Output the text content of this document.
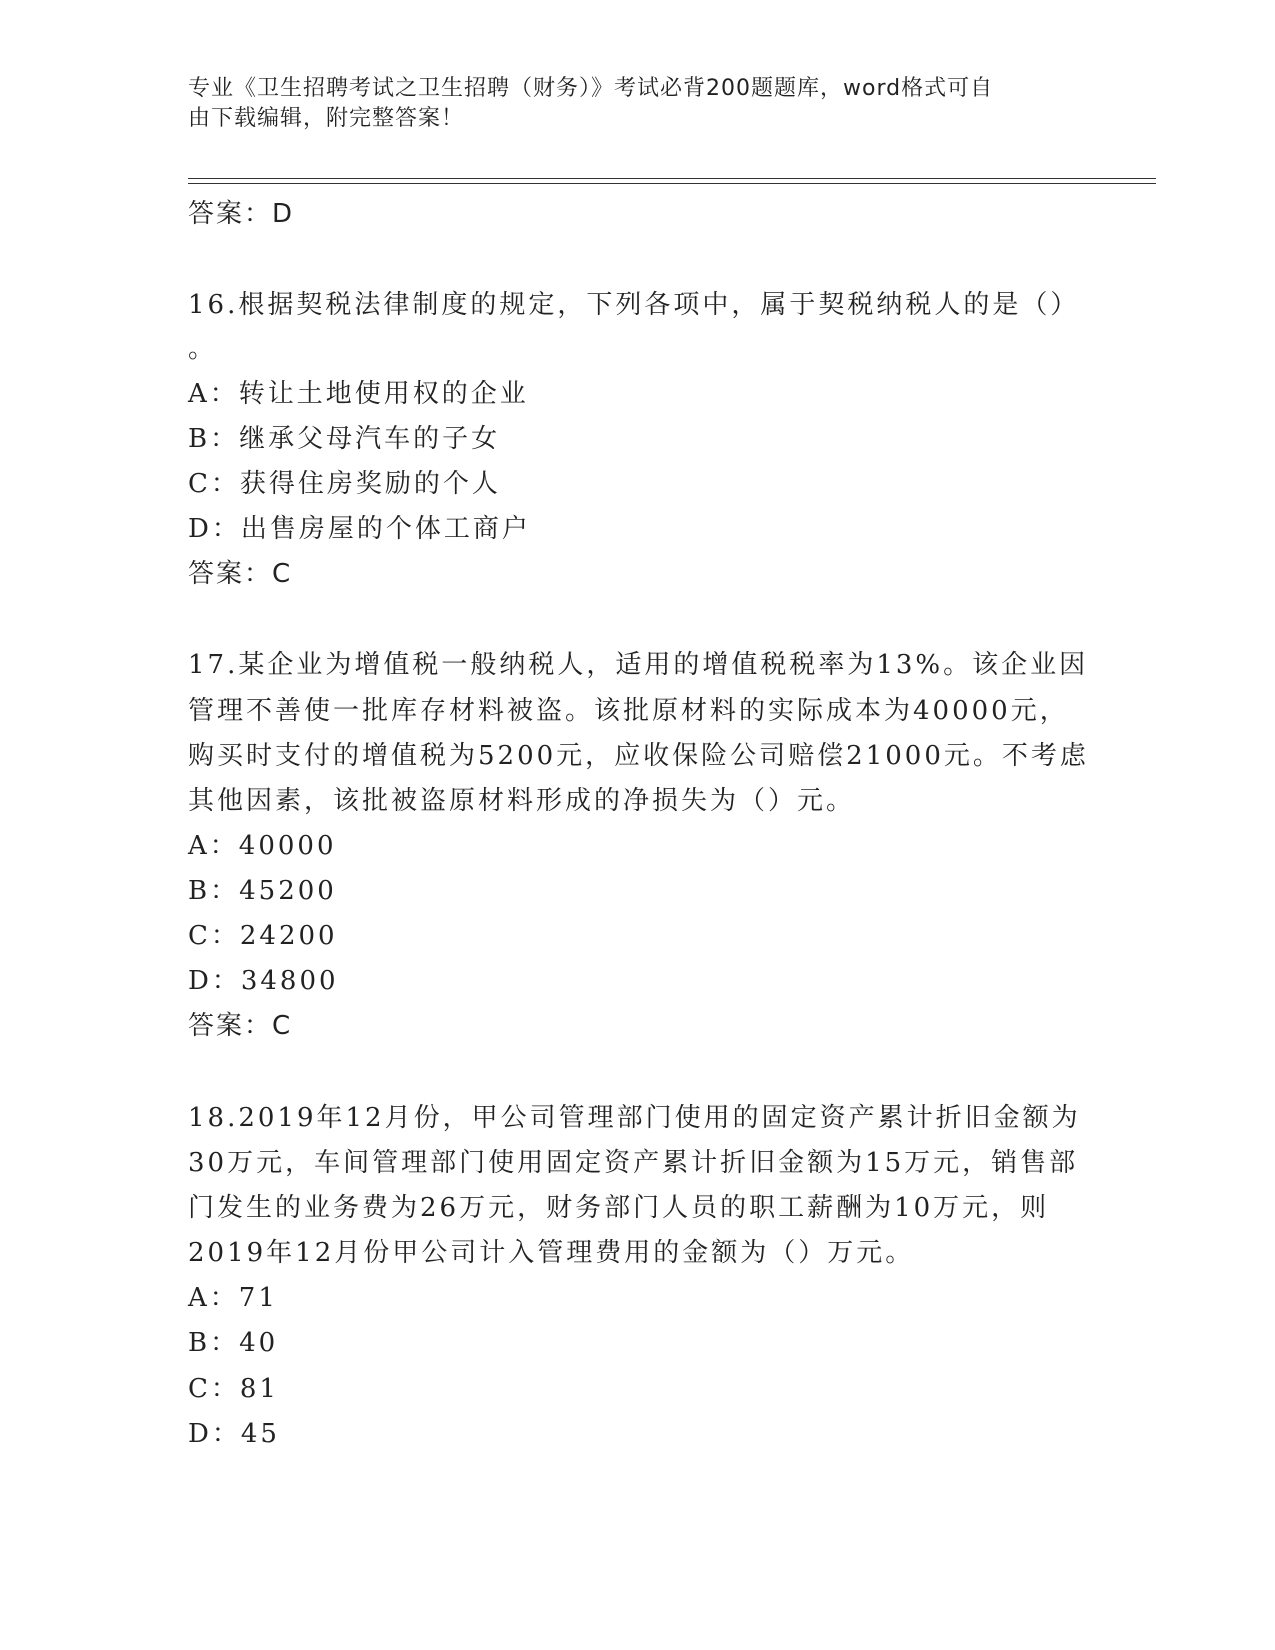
专业《卫生招聘考试之卫生招聘（财务）》考试必背200题题库，word格式可自
由下载编辑，附完整答案！
答案：D
16.根据契税法律制度的规定，下列各项中，属于契税纳税人的是（）
。
A：转让土地使用权的企业
B：继承父母汽车的子女
C：获得住房奖励的个人
D：出售房屋的个体工商户
答案：C
17.某企业为增值税一般纳税人，适用的增值税税率为13%。该企业因
管理不善使一批库存材料被盗。该批原材料的实际成本为40000元，
购买时支付的增值税为5200元，应收保险公司赔偿21000元。不考虑
其他因素，该批被盗原材料形成的净损失为（）元。
A：40000
B：45200
C：24200
D：34800
答案：C
18.2019年12月份，甲公司管理部门使用的固定资产累计折旧金额为
30万元，车间管理部门使用固定资产累计折旧金额为15万元，销售部
门发生的业务费为26万元，财务部门人员的职工薪酬为10万元，则
2019年12月份甲公司计入管理费用的金额为（）万元。
A：71
B：40
C：81
D：45
